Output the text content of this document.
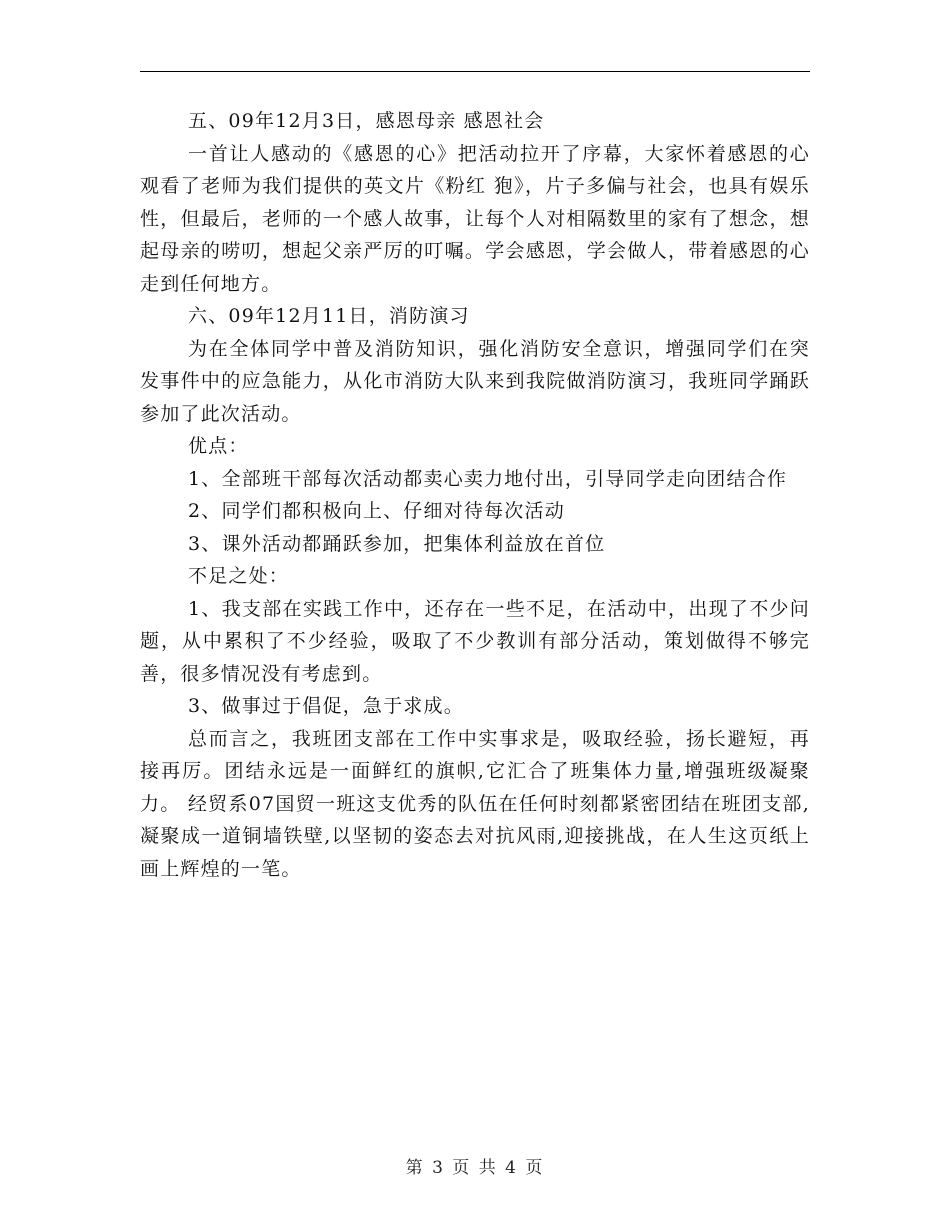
五、09年12月3日，感恩母亲 感恩社会

一首让人感动的《感恩的心》把活动拉开了序幕，大家怀着感恩的心观看了老师为我们提供的英文片《粉红 狍》，片子多偏与社会，也具有娱乐性，但最后，老师的一个感人故事，让每个人对相隔数里的家有了想念，想起母亲的唠叨，想起父亲严厉的叮嘱。学会感恩，学会做人，带着感恩的心走到任何地方。

六、09年12月11日，消防演习

为在全体同学中普及消防知识，强化消防安全意识，增强同学们在突发事件中的应急能力，从化市消防大队来到我院做消防演习，我班同学踊跃参加了此次活动。

优点：

1、全部班干部每次活动都卖心卖力地付出，引导同学走向团结合作

2、同学们都积极向上、仔细对待每次活动

3、课外活动都踊跃参加，把集体利益放在首位

不足之处：

1、我支部在实践工作中，还存在一些不足，在活动中，出现了不少问题，从中累积了不少经验，吸取了不少教训有部分活动，策划做得不够完善，很多情况没有考虑到。

3、做事过于倡促，急于求成。

总而言之，我班团支部在工作中实事求是，吸取经验，扬长避短，再接再厉。团结永远是一面鲜红的旗帜,它汇合了班集体力量,增强班级凝聚力。 经贸系07国贸一班这支优秀的队伍在任何时刻都紧密团结在班团支部,凝聚成一道铜墙铁壁,以坚韧的姿态去对抗风雨,迎接挑战，在人生这页纸上画上辉煌的一笔。

第 3 页 共 4 页
